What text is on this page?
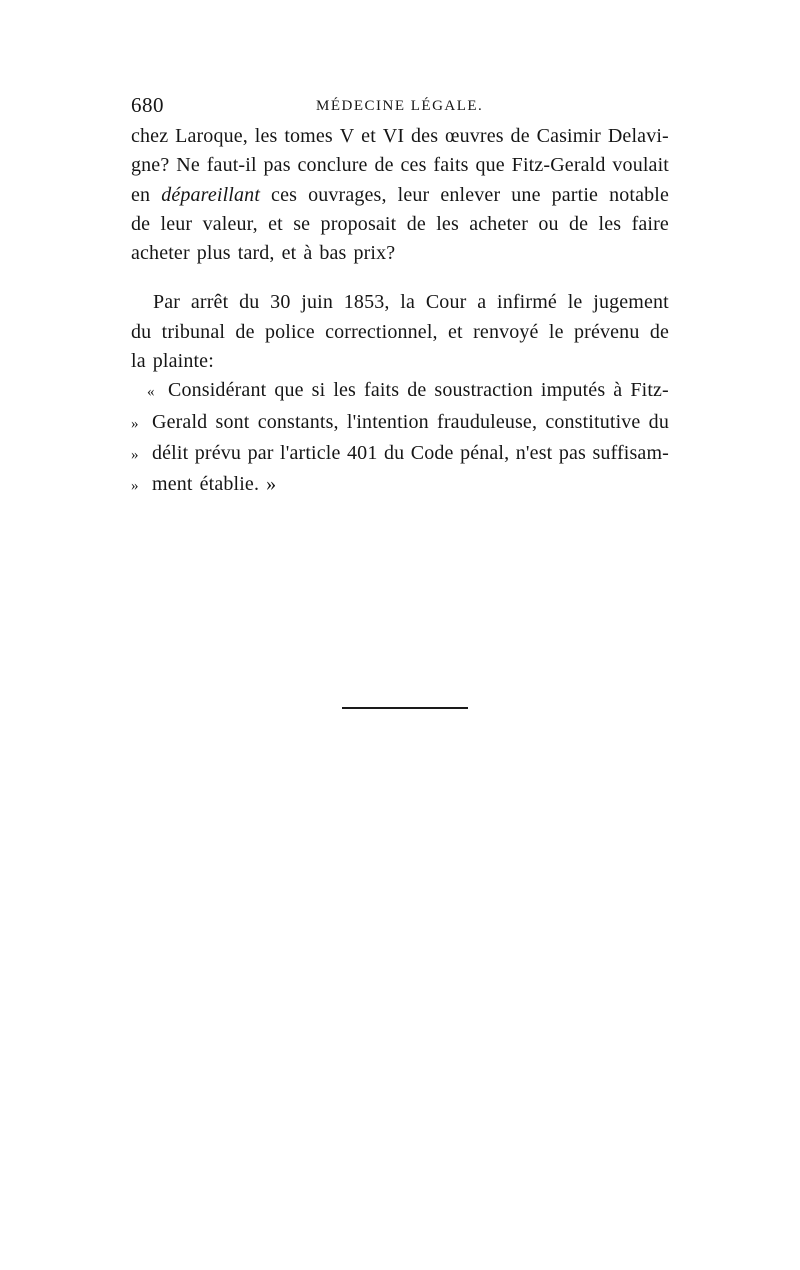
680	MÉDECINE LÉGALE.
chez Laroque, les tomes V et VI des œuvres de Casimir Delavi-
gne? Ne faut-il pas conclure de ces faits que Fitz-Gerald voulait
en dépareillant ces ouvrages, leur enlever une partie notable
de leur valeur, et se proposait de les acheter ou de les faire
acheter plus tard, et à bas prix?
Par arrêt du 30 juin 1853, la Cour a infirmé le jugement
du tribunal de police correctionnel, et renvoyé le prévenu de
la plainte:
« Considérant que si les faits de soustraction imputés à Fitz-
» Gerald sont constants, l'intention frauduleuse, constitutive du
» délit prévu par l'article 401 du Code pénal, n'est pas suffisam-
» ment établie. »
